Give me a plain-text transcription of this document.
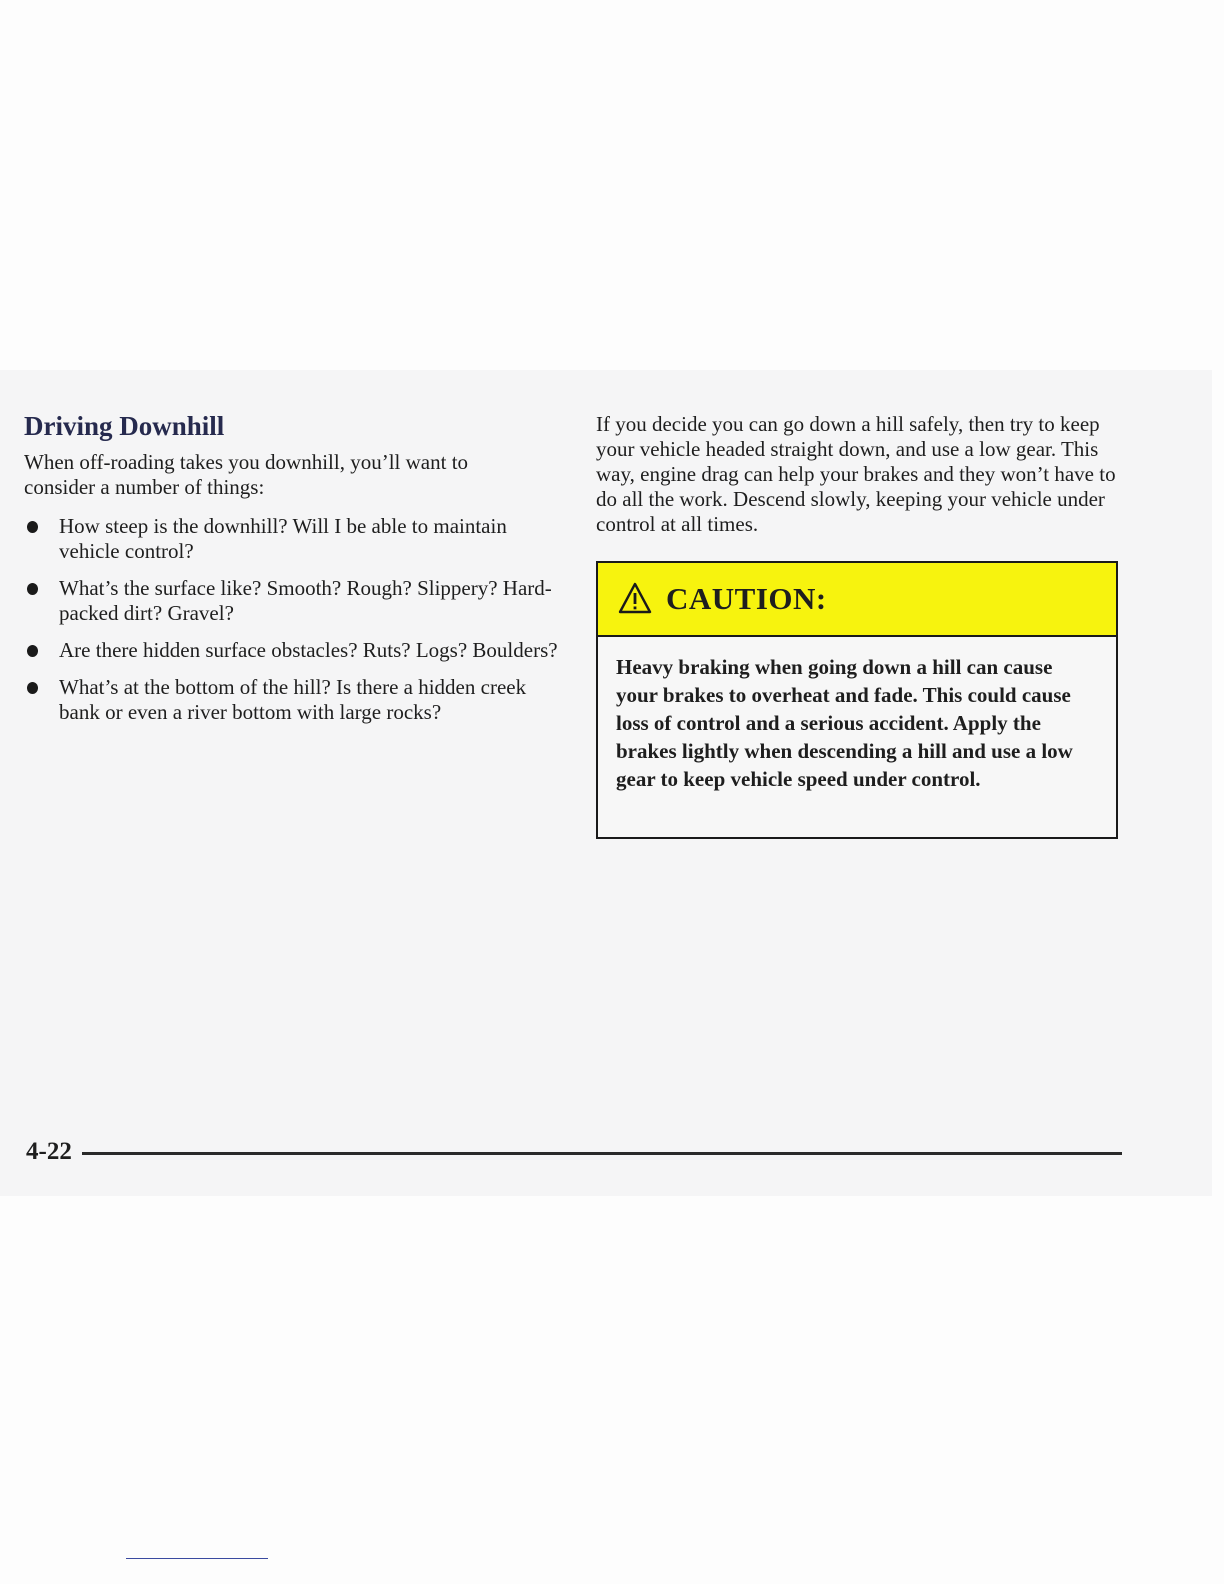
Driving Downhill

When off-roading takes you downhill, you’ll want to consider a number of things:

How steep is the downhill? Will I be able to maintain vehicle control?
What’s the surface like? Smooth? Rough? Slippery? Hard-packed dirt? Gravel?
Are there hidden surface obstacles? Ruts? Logs? Boulders?
What’s at the bottom of the hill? Is there a hidden creek bank or even a river bottom with large rocks?

If you decide you can go down a hill safely, then try to keep your vehicle headed straight down, and use a low gear. This way, engine drag can help your brakes and they won’t have to do all the work. Descend slowly, keeping your vehicle under control at all times.

CAUTION:

Heavy braking when going down a hill can cause your brakes to overheat and fade. This could cause loss of control and a serious accident. Apply the brakes lightly when descending a hill and use a low gear to keep vehicle speed under control.

4-22
